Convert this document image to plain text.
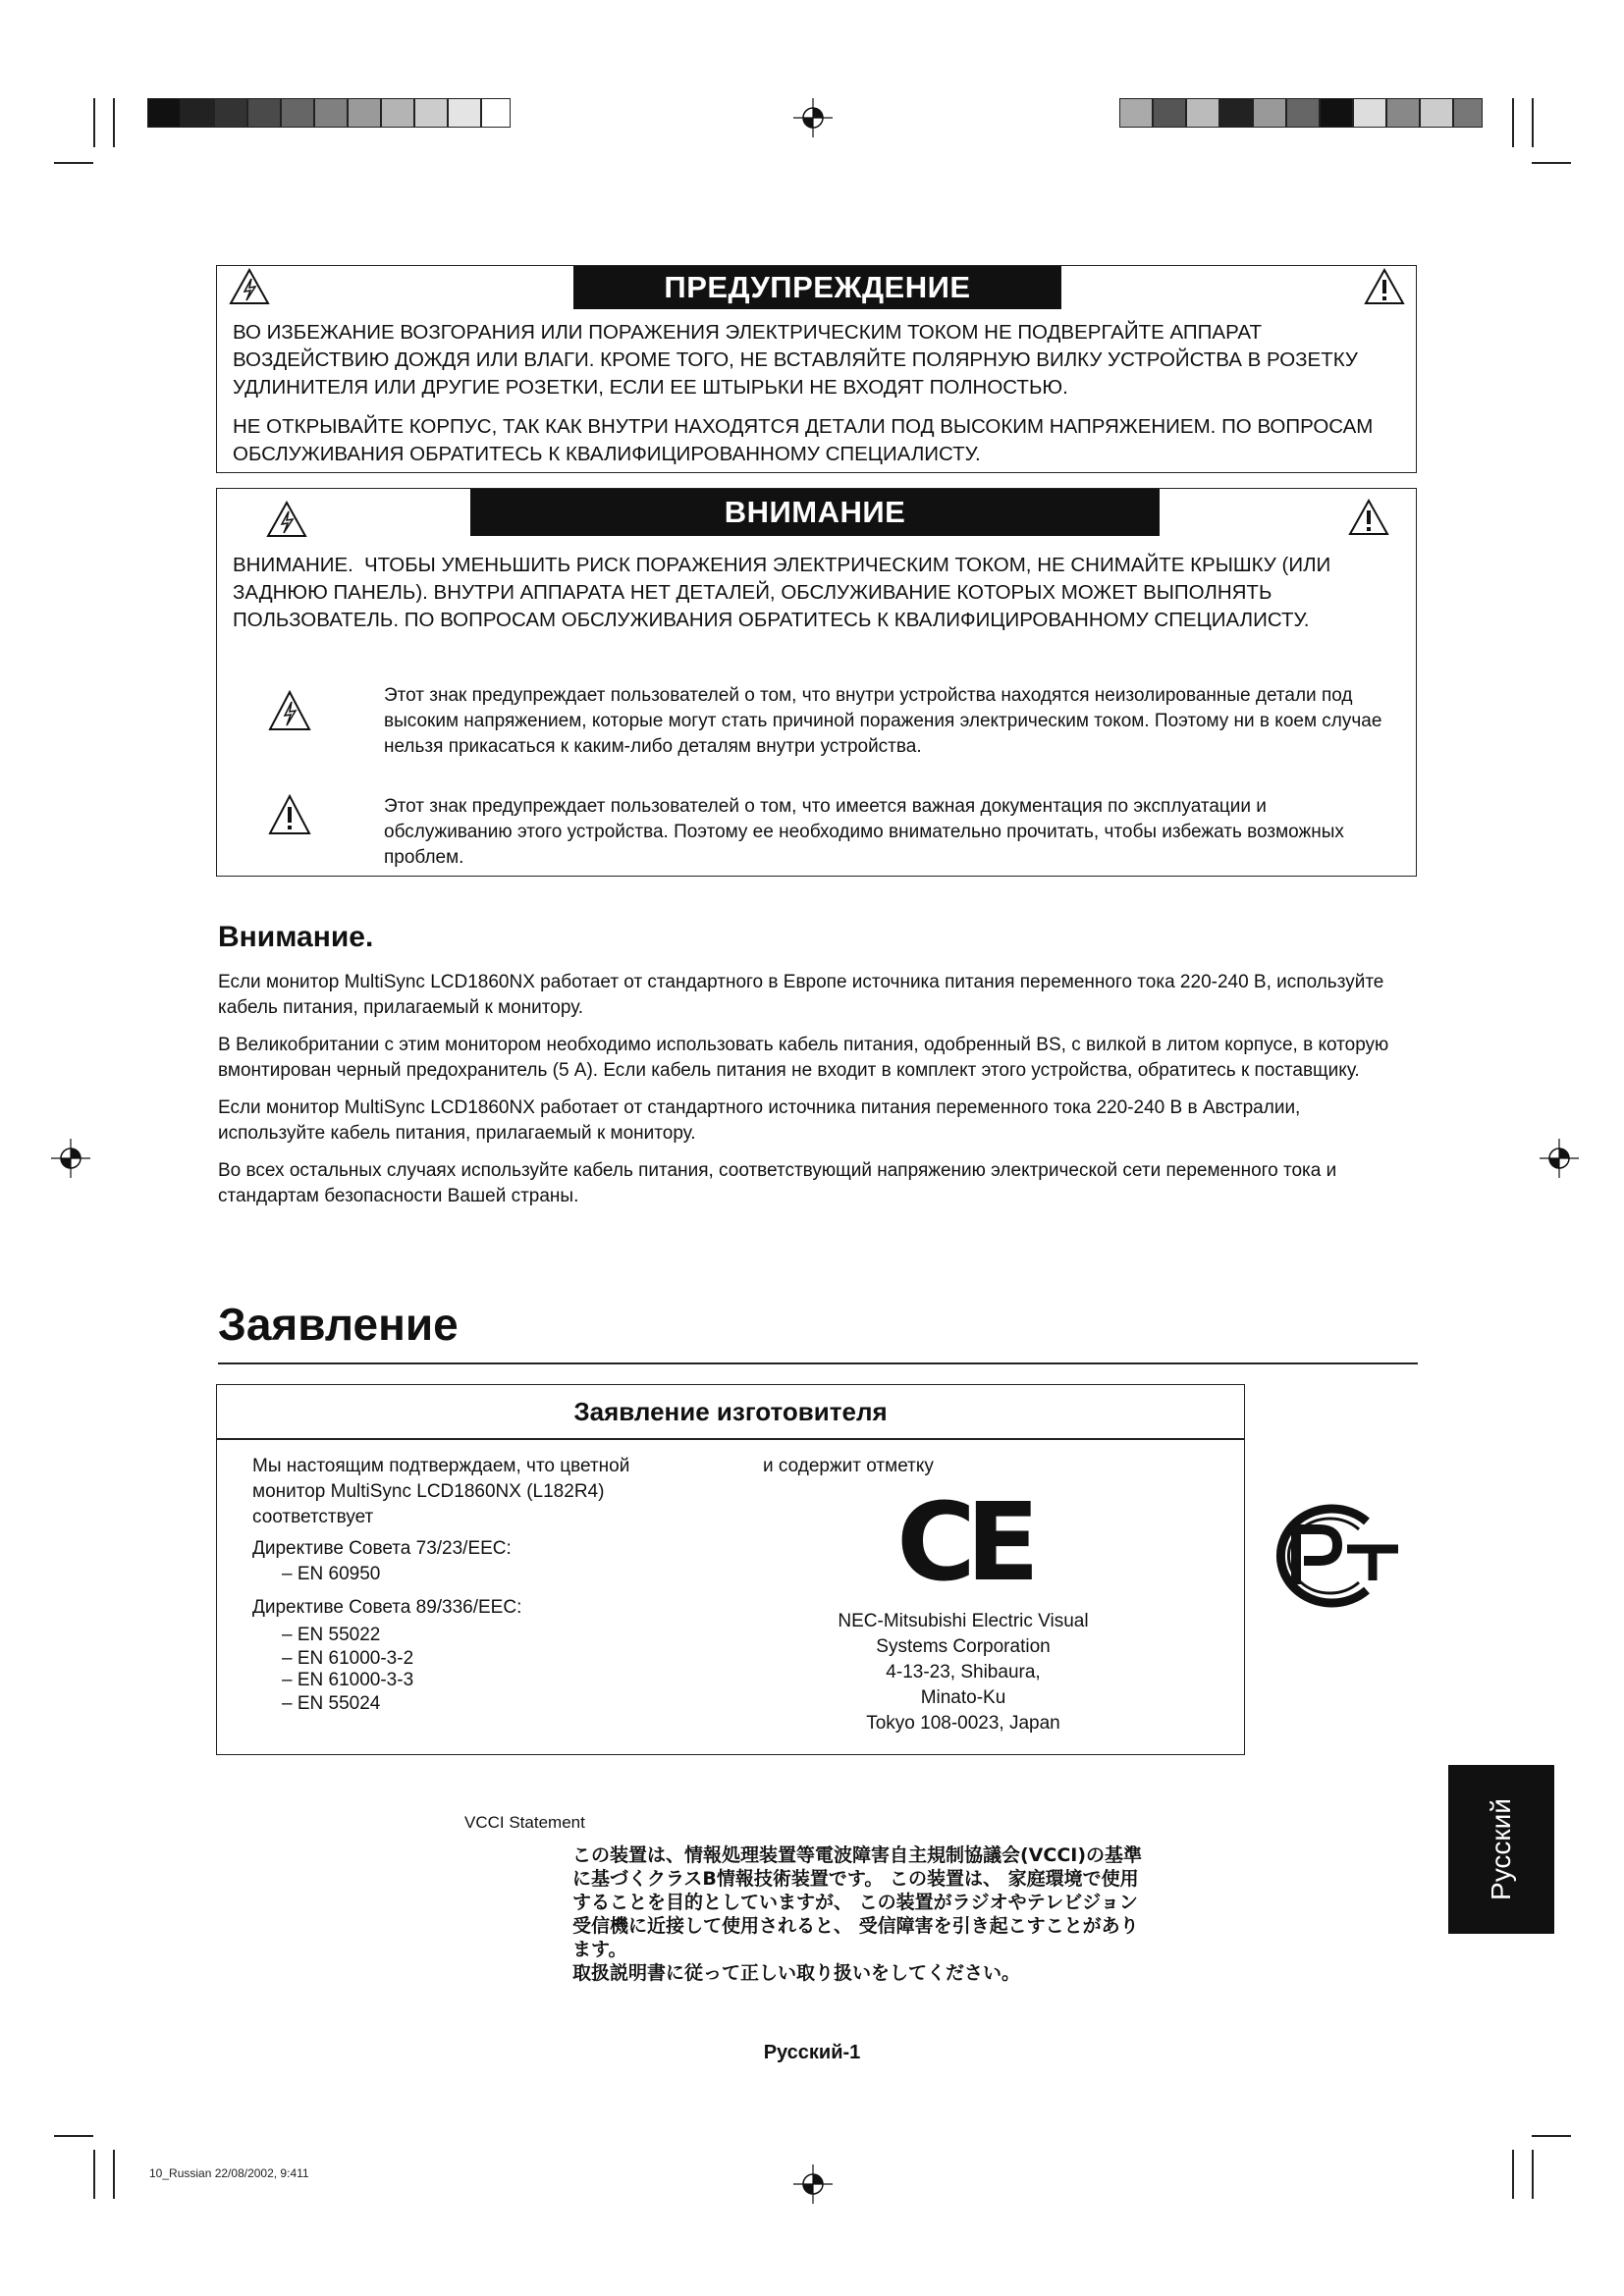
ПРЕДУПРЕЖДЕНИЕ

ВО ИЗБЕЖАНИЕ ВОЗГОРАНИЯ ИЛИ ПОРАЖЕНИЯ ЭЛЕКТРИЧЕСКИМ ТОКОМ НЕ ПОДВЕРГАЙТЕ АППАРАТ ВОЗДЕЙСТВИЮ ДОЖДЯ ИЛИ ВЛАГИ. КРОМЕ ТОГО, НЕ ВСТАВЛЯЙТЕ ПОЛЯРНУЮ ВИЛКУ УСТРОЙСТВА В РОЗЕТКУ УДЛИНИТЕЛЯ ИЛИ ДРУГИЕ РОЗЕТКИ, ЕСЛИ ЕЕ ШТЫРЬКИ НЕ ВХОДЯТ ПОЛНОСТЬЮ.

НЕ ОТКРЫВАЙТЕ КОРПУС, ТАК КАК ВНУТРИ НАХОДЯТСЯ ДЕТАЛИ ПОД ВЫСОКИМ НАПРЯЖЕНИЕМ. ПО ВОПРОСАМ ОБСЛУЖИВАНИЯ ОБРАТИТЕСЬ К КВАЛИФИЦИРОВАННОМУ СПЕЦИАЛИСТУ.

ВНИМАНИЕ
ВНИМАНИЕ. ЧТОБЫ УМЕНЬШИТЬ РИСК ПОРАЖЕНИЯ ЭЛЕКТРИЧЕСКИМ ТОКОМ, НЕ СНИМАЙТЕ КРЫШКУ (ИЛИ ЗАДНЮЮ ПАНЕЛЬ). ВНУТРИ АППАРАТА НЕТ ДЕТАЛЕЙ, ОБСЛУЖИВАНИЕ КОТОРЫХ МОЖЕТ ВЫПОЛНЯТЬ ПОЛЬЗОВАТЕЛЬ. ПО ВОПРОСАМ ОБСЛУЖИВАНИЯ ОБРАТИТЕСЬ К КВАЛИФИЦИРОВАННОМУ СПЕЦИАЛИСТУ.
Этот знак предупреждает пользователей о том, что внутри устройства находятся неизолированные детали под высоким напряжением, которые могут стать причиной поражения электрическим током. Поэтому ни в коем случае нельзя прикасаться к каким-либо деталям внутри устройства.
Этот знак предупреждает пользователей о том, что имеется важная документация по эксплуатации и обслуживанию этого устройства. Поэтому ее необходимо внимательно прочитать, чтобы избежать возможных проблем.
Внимание.

Если монитор MultiSync LCD1860NX работает от стандартного в Европе источника питания переменного тока 220-240 В, используйте кабель питания, прилагаемый к монитору.

В Великобритании с этим монитором необходимо использовать кабель питания, одобренный BS, с вилкой в литом корпусе, в которую вмонтирован черный предохранитель (5 А). Если кабель питания не входит в комплект этого устройства, обратитесь к поставщику.

Если монитор MultiSync LCD1860NX работает от стандартного источника питания переменного тока 220-240 В в Австралии, используйте кабель питания, прилагаемый к монитору.

Во всех остальных случаях используйте кабель питания, соответствующий напряжению электрической сети переменного тока и стандартам безопасности Вашей страны.

Заявление
Заявление изготовителя
Мы настоящим подтверждаем, что цветной монитор MultiSync LCD1860NX (L182R4) соответствует
Директиве Совета 73/23/EEC:
– EN 60950
Директиве Совета 89/336/EEC:
– EN 55022
– EN 61000-3-2
– EN 61000-3-3
– EN 55024
и содержит отметку
CE
NEC-Mitsubishi Electric Visual
Systems Corporation
4-13-23, Shibaura,
Minato-Ku
Tokyo 108-0023, Japan
VCCI Statement
この装置は、情報処理装置等電波障害自主規制協議会(VCCI)の基準
に基づくクラスB情報技術装置です。 この装置は、 家庭環境で使用
することを目的としていますが、 この装置がラジオやテレビジョン
受信機に近接して使用されると、 受信障害を引き起こすことがあり
ます。
取扱説明書に従って正しい取り扱いをしてください。
Русский
Русский-1
10_Russian 22/08/2002, 9:411
